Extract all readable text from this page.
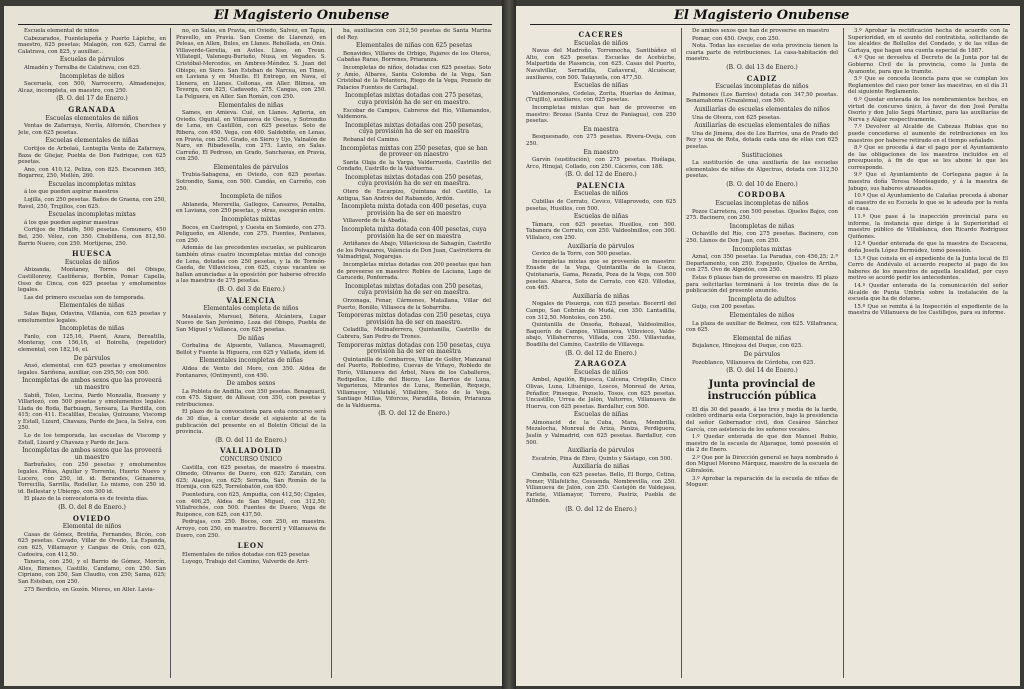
El Magisterio Onubense

Escuela elemental de niños

Cabezarados, Fuentelapeña y Puerto Lápiche, en maestro, 625 pesetas; Malagón, con 625, Carral de Calatrava, con 825, y auxiliar...

Escuelas de párvulos

Almadén y Torralba de Calatrava, con 625.

Incompletas de niños

Saceruela, con 500, Narrocerro, Almadenejos, Alcaz, incompleta, en maestro, con 250.

(B. O. del 17 de Enero.)
GRANADA
Escuelas elementales de niños

Ventas de Zafarraya, Nerila, Alfornón, Cherches y Jete, con 625 pesetas.

Escuelas elementales de niñas

Cortijos de Arbolaú, Lentegila Venta de Zafarraya, Baza de Güejar, Puebla de Don Fadrique, con 625 pesetas.

Ano, con 410,12, Peliza, con 825. Escarenen 365, Bogarrez, 250, Mellén, 260.

Escuelas incompletas mixtas

á los que pueden aspirar maestros

Lojilla, con 250 pesetas. Baños de Graena, con 250, Ravel, 250, Trujillos, con 625.

Escuelas incompletas mixtas

á los que pueden aspirar maestras

Cortijos de Hidalfe, 500 pesetas. Comunero, 450 Bel, 250. Vélez, con 350. Chubillena, con 812,50. Barrio Nuevo, con 250. Mortijeras, 250.

HUESCA
Escuelas de niños

Abizanda, Montaney, Torres del Obispo, Castillonroy, Castiñeras, Borblín, Pomar Capella, Osso de Cinca, con 625 pesetas y emolumentos legales.

Las del primero escuelas son de temporada.

Elementales de niñas

Salas Bajas, Odavina, Villanúa, con 625 pesetas y emolumentos legales.

Incompletas de niñas

Fanlo, con 125,16, Pisent, Azara, Bereatilla, Monteray, con 156,16, el Boirella, (repetidor) elemental, con 182,16, el.

De párvulos

Ansó, elemental, con 625 pesetas y emolumentos legales. Sariñena, auxiliar, con 295,50; con 500.

Incompletas de ambos sexos que las proveerá un maestro

Sabiñ, Toleo, Lecina, Pardo Monzalla, Buesany y Villarlozó, con 500 pesetas y emolumentos legales. Llada de Roda, Barbuagn, Sensara, La Pardilla, con 415; con 411. Escalillas, Escalas, Quinzano, Viscomp y Estall, Lizard, Chavaza, Pardo de Jaca, la Selva, con 250.

Lo de los temporada, las escuelas de Viscomp y Estall, Lizard y Chavaza y Pardo de Jaca.

Incompletas de ambos sexos que las proveerá un maestro

Barbuñales, con 250 pesetas y emolumentos legales. Piñas, Aguilar y Torrente, Huerto Nuevo y Lucero, con 250, id. id. Berandes, Génaneres, Torrecilla, Sarrilla, Rodellar, Lo mismo, con 250 id. id. Bellestar y Ubiergo, con 300 id.

El plazo de la convocatoria es de treinta días.

(B. O. del 8 de Enero.)
OVIEDO
Elemental de niños

Casas de Gómez, Bretiña, Fernandes, Bicón, con 625 pesetas. Cavado, Villar de Ovedo, La Espanda, con 625, Villamayor y Cangas de Onís, con 625, Cadoeira, con 412,50.

Taneria, con 250, y el Barrio de Gómez, Morcín, Alles, Bimenes, Castillo, Candamo, con 250. San Cipriano, con 250, San Claudio, con 250; Sama, 625; San Esteban, con 250.

275 Berdicio, en Gozón. Mieres, en Aller. Lavia-

no, en Salas, en Pravia, en Oviedo, Salvez, en Tapia, Pravello, en Pravia. San Cosme de Llarenzó, en Peleas, en Allen, Bules, en Llanes. Rebollada, en Onís. Villaverde-Gerelia, en Aviles. Lleso, en Treun. Villategil, Valenegu-Buriaño, Nusa, en Vegadeo. S. Cristóbal-Mercedos, en Ambres-Méndez. S. Juan del Obispo, en Siero. San Esteban de Narcea, en Tineo, en Laviana y en Muelle. El Entrego, en Nava, el Llenera, en Llanes. Collonas, en Aller. Blimea, en Teverga, con 825, Cadavedo, 275. Cangas, con 250. La Felguera, en Aller. San Román, con 250.

Elementales de niñas

Sames, en Amieva. Cué, en Llanes. Agüeria, en Oviedo. Oquital, en Villanueva de Oscos, y Sotrondio de Lena, en Castillón, con 625 pesetas. Soto de Ribera, con 450. Vega, con 400. Saldobiño, en Lenas, en Pravia, con 250. Grado, en Siero y Ujo, Valnalón de Naro, en Ribadesella, con 275. Lavio, en Salas. Carreño, El Pedroso, en Grado, Sanchavas, en Pravia, con 250.

Elementales de párvulos

Trubia-Sabagena, en Oviedo, con 625 pesetas. Sotrondio, Sama, con 500. Candás, en Carreño, con 250.

Incompleta de niños

Ablaneda, Mererella, Gallegos, Cansares, Penalba, en Laviana, con 250 pesetas, y otras, escogerán entre.

Incompletas mixtas

Bocos, en Castropol, y Cuesta en Somiedo, con 275. Peligueño, en Allende, con 275. Fuentes, Pentanes, con 250.

Además de las precedentes escuelas, se publicaron también otras cuatro incompletas mixtas del concejo de Lena, dotadas con 250 pesetas, y la de Tormón-Caeda, de Villaviciosa, con 625, cuyas vacantes se hallan anunciadas a la oposición por haberse ofrecido a las maestras de 275 pesetas.

(B. O. del 3 de Enero.)
VALENCIA
Elementales completa de niños

Masalavés, Marsuel, Bétera, Alcántera, Lugar Nuevo de San Jerónimo, Loza del Obispo, Puebla de San Miguel y Vallanca, con 625 pesetas.

De niñas

Corbalina de Alpuente, Vallanca, Masamagrell, Bellot y Fuente la Higuera, con 625 y Vallada, ídem id.

Elementales incompletas de niñas

Aldea de Vento del Moro, con 350. Aldea de Fontanares, (Ontinyent), con 450.

De ambos sexos

La Pobleta de Andilla, con 350 pesetas. Benaguacil, con 475. Siguer, de Alfasar, con 350, con pesetas y retribuciones.

El plazo de la convocatoria para esta concurso será de 30 días, á contar desde el siguiente al de la publicación del presente en el Boletín Oficial de la provincia.

(B. O. del 11 de Enero.)
VALLADOLID
CONCURSO ÚNICO

Castilla, con 625 pesetas, de maestro ó maestra. Olmedo, Olivares de Duero, con 625; Zaratán, con 625; Alaejos, con 625; Serrada, San Román de la Hornija, con 625, Torrelobatón, con 650.

Puentedura, con 625, Ampudia, con 412,50; Cigales, con 406,25, Aldea de San Miguel, con 312,50; Villafrechós, con 500. Fuentes de Duero, Vega de Ruiponce, con 625, con 437,50.

Pedrajas, con 250. Bocos, con 250, en maestra. Arroyo, con 250, en maestro. Becerril y Villanueva de Duero, con 250.

LEON

Elementales de niños dotadas con 625 pesetas

Luyego, Trabajo del Camino, Valverde de Arri-

ba, auxiliación con 312,50 pesetas de Santa Marina del Rey.

Elementales de niñas con 625 pesetas

Benavides, Villares de Orbigo, Pajares de los Oteros, Cabañas Raras, Borrenes, Priaranza.

Incompletas de niños, dotadas con 625 pesetas. Soto y Amío, Albares, Santa Colomba de la Vega, San Cristóbal de la Polantera, Riego de la Vega, Pozuelo de Palacios Fuentes de Carbajal.

Incompletas mixtas dotadas con 275 pesetas, cuya provisión ha de ser en maestro.

Escobar de Campos, Cabreros del Río, Villamandos, Valdemora.

Incompletas mixtas dotadas con 250 pesetas, cuya provisión ha de ser en maestra

Rebanal del Camino.

Incompletas mixtas con 250 pesetas, que se han de proveer en maestro

Santa Olaja de la Varga, Valderrueda, Castrillo del Condado, Castrillo de la Valduerna.

Incompletas mixtas dotadas con 250 pesetas, cuya provisión ha de ser en maestra.

Otero de Escarpizo, Quintana del Castillo, La Antigua, San Andrés del Rabanedo, Ardón.

Incompleta mixta dotada con 400 pesetas, cuya provisión ha de ser en maestro

Villaverde de la Abadía.

Incompleta mixta dotada con 400 pesetas, cuya provisión ha de ser en maestra

Antiñanes de Abajo, Villaviciosa de Sahagún, Castrillo de los Polvazares, Valencia de Don Juan, Castrotierra de Valmadrigal, Nogarejas.

Incompletas mixtas dotadas con 200 pesetas que han de proveerse en maestro: Robles de Laciana, Lago de Carucedo, Ponferrada.

Incompletas mixtas dotadas con 250 pesetas, cuya provisión ha de ser en maestra.

Orzonaga, Fenar, Cármenes, Matallana, Villar del Puerto, Bonillo, Villaseca de la Sobarriba.

Temporeras mixtas dotadas con 250 pesetas, cuya provisión ha de ser en maestro.

Celadilla, Molinaferrera, Quintanilla, Castrillo de Cabrera, San Pedro de Trones.

Temporeras mixtas dotadas con 150 pesetas, cuya provisión ha de ser en maestra

Quintanilla de Combarros, Villar de Golfer, Manzanal del Puerto, Robledino, Cuevas de Viñayo, Robledo de Torío, Villanueva del Árbol, Nava de los Caballeros, Redipollos, Lillo del Bierzo, Los Barrios de Luna, Vegarienza, Mirantes de Luna, Remellán, Requejo, Villamayor, Villafalé, Villalibre, Soto de la Vega, Santiago Millas, Viforcos, Paradilla, Boisán, Priaranza de la Valduerna.

(B. O. del 12 de Enero.)
El Magisterio Onubense
CACERES
Escuelas de niños

Navas del Madroño, Torremocha, Santibáñez el Alto, con 625 pesetas. Escuelas de Acehúche, Malpartida de Plasencia, con 625. Casas del Puerto, Navalvillar, Serradilla, Cañaveral, Alcuéscar, auxiliares, con 500. Talayuela, con 477,50.

Escuelas de niñas

Valdemorales, Cedelas, Zorita, Huertas de Ánimas, (Trujillo), auxiliares, con 625 pesetas.

Incompletas mixtas que han de proveerse en maestro: Brozas (Santa Cruz de Paniagua), con 250 pesetas.

En maestra

Besquesnado, con 275 pesetas. Rivera-Oveja, con 250.

En maestro

Garvín (sustitución), con 275 pesetas. Huélaga, Arco, Hinojal, Collado, con 250. Cáceres, con 188.

(B. O. del 12 de Enero.)
PALENCIA
Escuelas de niños

Cubillas de Cerrato, Cevico, Villaprovedo, con 625 pesetas, Husillos, con 500.

Escuelas de niñas

Támara, con 625 pesetas. Husillos, con 500. Tabanera de Cerrato, con 250. Valdeolmillos, con 300. Villalaco, con 250.

Auxiliaría de párvulos

Cevico de la Torre, con 500 pesetas.

Incompletas mixtas que se proveerán en maestro: Enasde de la Vega, Quintanilla de la Cueza, Quintanaría, Gama, Rezada, Poza de la Vega, con 500 pesetas. Abarca, Soto de Cerrato, con 420. Villodas, con 465.

Auxiliaría de niñas

Nogales de Pisuerga, con 625 pesetas. Becerril del Campo, San Cebrián de Mudá, con 350. Lantadilla, con 312,50. Montoles, con 250.

Quintanilla de Onsoña, Robazal, Valdeolmillos, Baquerín de Campos, Villanueva, Villovieco, Valde-abajo, Villaherreros, Villada, con 250. Villaviudas, Boadilla del Camino, Castrillo de Villavega.

(B. O. del 12 de Enero.)
ZARAGOZA
Escuelas de niños

Ambel, Aguilón, Bijuesca, Calcena, Crispillo, Cinco Olivas, Luna, Lituénigo, Loscos, Monreal de Ariza, Peñaflor, Pinseque, Pozuelo, Tosos, con 625 pesetas. Uncastillo, Urrea de Jalón, Valtorres, Villanueva de Huerva, con 625 pesetas. Bardallur, con 500.

Escuelas de niñas

Almonacid de la Cuba, Mara, Membrilla, Mezalocha, Monreal de Ariza, Paniza, Perdiguera, Jaulín y Valmadrid, con 625 pesetas. Bardallur, con 500.

Auxiliaría de párvulos

Escatrón, Pina de Ebro, Quinto y Sástago, con 500.

Auxiliaría de niñas

Cimballa, con 625 pesetas. Bello, El Burgo, Cetina, Pomer, Villafeliche, Cosuenda, Nombrevilla, con 250. Villanueva de Jalón, con 250. Castejón de Valdejasa, Farlete, Villamayor, Torrero, Pastriz, Puebla de Alfindén.

(B. O. del 12 de Enero.)

De ambos sexos que han de proveerse en maestro

Pomar, con 450. Ovejo, con 250.

Nota. Todas las escuelas de esta provincia tienen la cuarta parte de retribuciones. La casa-habitación del maestro.

(B. O. del 13 de Enero.)
CADIZ
Escuelas incompletas de niños

Palmones (Los Barrios) dotada con 347,50 pesetas. Benamahoma (Grazalema), con 500.

Auxiliarías de escuelas elementales de niños

Una de Olvera, con 625 pesetas.

Auxiliarías de escuelas elementales de niñas

Una de Jimena, dos de Los Barrios, una de Prado del Rey y una de Rota, dotada cada una de ellas con 625 pesetas.

Sustituciones

La sustitución de una auxiliaría de las escuelas elementales de niñas de Algeciras, dotada con 312,50 pesetas.

(B. O. del 10 de Enero.)
CORDOBA
Escuelas incompletas de niños

Pozos Carretera, con 500 pesetas. Ojuelos Bajos, con 275. Bacinero, con 250.

Incompletas de niñas

Ochavillo del Río, con 275 pesetas. Bacinero, con 250. Llanos de Don Juan, con 250.

Incompletas mixtas

Aznal, con 350 pesetas. La Paradas, con 456,25; 2.ª Departamento, con 250. Espejuelo, Ojuelos de Arriba, con 275. Ovo de Algodón, con 250.

Estas 6 plazas han de proveerse en maestro. El plazo para solicitarlas terminará á los treinta días de la publicación del presente anuncio.

Incompleta de adultos

Guijo, con 200 pesetas.

Elementales de niños

La plaza de auxiliar de Belmez, con 625. Villafranca, con 625.

Elemental de niñas

Bujalance, Hinojosa del Duque, con 625.

De párvulos

Pozoblanco, Villanueva de Córdoba, con 625.

(B. O. del 14 de Enero.)
Junta provincial de instrucción pública

El día 30 del pasado, á las tres y media de la tarde, celebró ordinaria esta Corporación, bajo la presidencia del señor Gobernador civil, don Cesáreo Sánchez García, con asistencia de los señores vocales.

1.º Quedar enterada de que don Manuel Rubio, maestro de la escuela de Aljaraque, tomó posesión el día 2 de Enero.

2.º Que por la Dirección general se haya nombrado á don Miguel Moreno Márquez, maestro de la escuela de Gibraleón.

3.º Aprobar la reparación de la escuela de niñas de Moguer.

3.º Aprobar la rectificación hecha de acuerdo con la Superioridad, en el asunto del contratista, solicitando de los alcaldes de Bollullos del Condado, y de las villas de Cartaya, que hagan una cuenta especial de 1887.

4.º Que se devuelva el Decreto de la Junta por tal de Gobierno Civil de la provincia, como la Junta de Ayamonte, para que lo tramite.

5.º Que se conceda licencia para que se cumplan los Reglamentos del caso por tener las maestras, en el día 31 del siguiente Reglamento.

6.º Quedar enterada de los nombramientos hechos, en virtud de concurso único, á favor de don José Peralta Osorio y don Julio Segú Martínez, para las auxiliarías de Nerva y Alájar respectivamente.

7.º Devolver al Alcalde de Cabezas Rubias que no puede concederse el aumento de retribuciones en los maestros por haberse retirado en el tiempo señalado.

8.º Que se proceda á dar el pago por el Ayuntamiento de las obligaciones de los maestros incluidos en el presupuesto, á fin de que se les abone lo que les corresponde.

9.º Que el Ayuntamiento de Cortegana pague á la maestra doña Teresa Monteagudo, y á la maestra de Jabugo, sus haberes atrasados.

10.º Que el Ayuntamiento de Calañas proceda á abonar al maestro de su Escuela lo que se le adeuda por la renta de casa.

11.º Que pase á la inspección provincial para su informe, la instancia que dirige á la Superioridad el maestro público de Villablanca, don Ricardo Rodríguez Quiñones.

12.º Quedar enterada de que la maestra de Escacena, doña Josefa López Bermúdez, tomó posesión.

13.º Que consta en el expediente de la Junta local de El Cerro de Andévalo el acuerdo respecto al pago de los haberes de los maestros de aquella localidad, por cuyo motivo se acordó pedir los antecedentes.

14.º Quedar enterada de la comunicación del señor Alcalde de Punta Umbría sobre la instalación de la escuela que ha de dotarse.

15.º Que se remita á la Inspección el expediente de la maestra de Villanueva de los Castillejos, para su informe.
